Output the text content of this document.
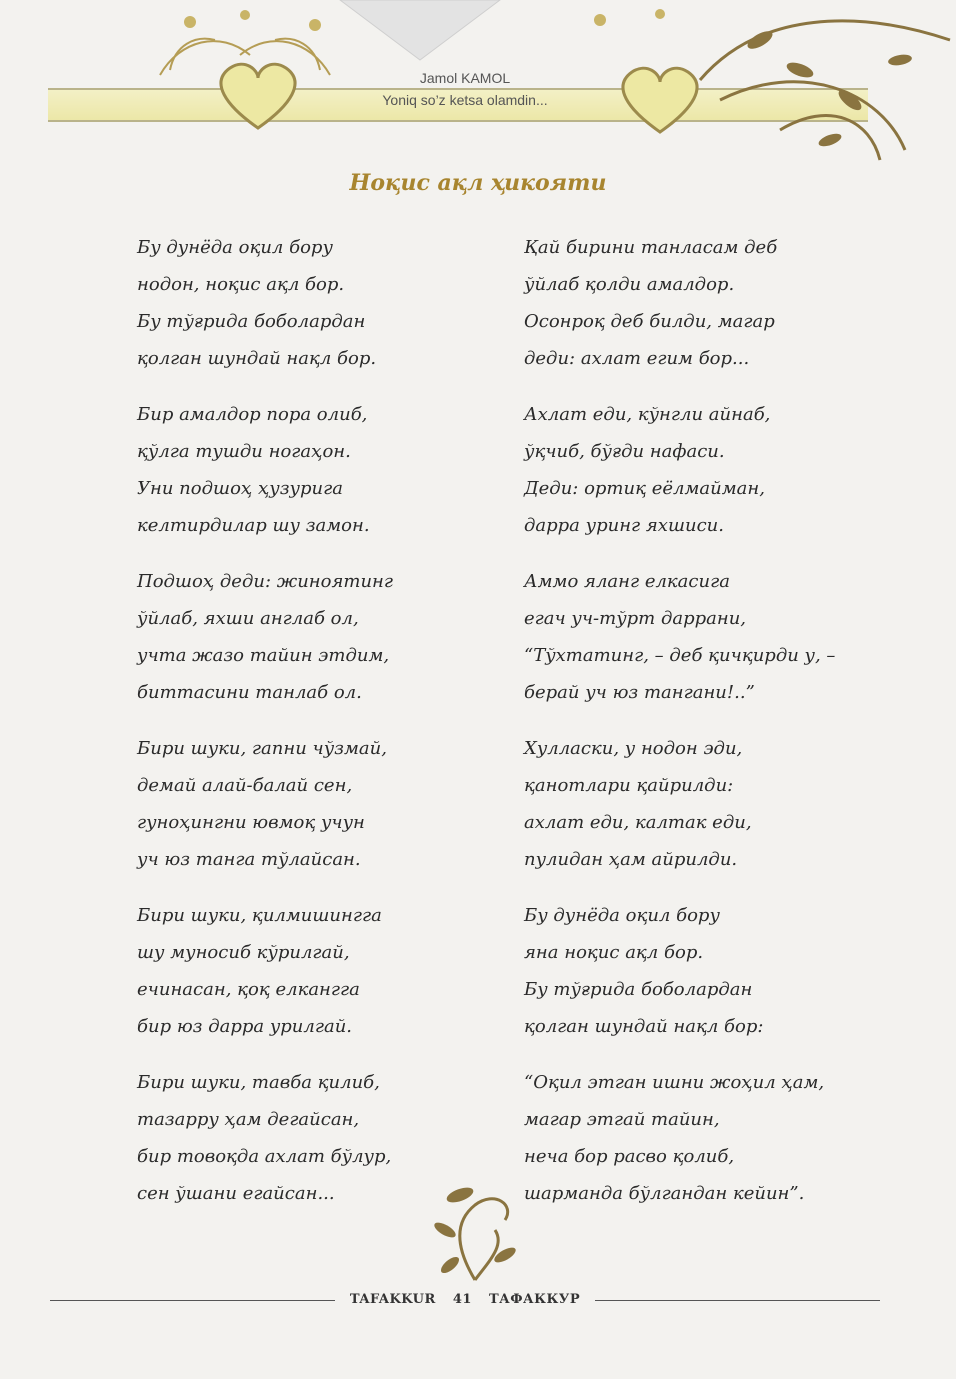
Jamol KAMOL
Yoniq so’z ketsa olamdin...
Ноқис ақл ҳикояти
Бу дунёда оқил бору
нодон, ноқис ақл бор.
Бу тўғрида боболардан
қолган шундай нақл бор.
Бир амалдор пора олиб,
қўлга тушди ногаҳон.
Уни подшоҳ ҳузурига
келтирдилар шу замон.
Подшоҳ деди: жиноятинг
ўйлаб, яхши англаб ол,
учта жазо тайин этдим,
биттасини танлаб ол.
Бири шуки, гапни чўзмай,
демай алай-балай сен,
гуноҳингни ювмоқ учун
уч юз танга тўлайсан.
Бири шуки, қилмишингга
шу муносиб кўрилгай,
ечинасан, қоқ елкангга
бир юз дарра урилгай.
Бири шуки, тавба қилиб,
тазарру ҳам дегайсан,
бир товоқда ахлат бўлур,
сен ўшани егайсан...
Қай бирини танласам деб
ўйлаб қолди амалдор.
Осонроқ деб билди, магар
деди: ахлат егим бор...
Ахлат еди, кўнгли айнаб,
ўқчиб, бўғди нафаси.
Деди: ортиқ еёлмайман,
дарра уринг яхшиси.
Аммо яланг елкасига
егач уч-тўрт даррани,
“Тўхтатинг, – деб қичқирди у, –
берай уч юз тангани!..”
Хулласки, у нодон эди,
қанотлари қайрилди:
ахлат еди, калтак еди,
пулидан ҳам айрилди.
Бу дунёда оқил бору
яна ноқис ақл бор.
Бу тўғрида боболардан
қолган шундай нақл бор:
“Оқил этган ишни жоҳил ҳам,
магар этгай тайин,
неча бор расво қолиб,
шарманда бўлгандан кейин”.
TAFAKKUR 41 ТАФАККУР
